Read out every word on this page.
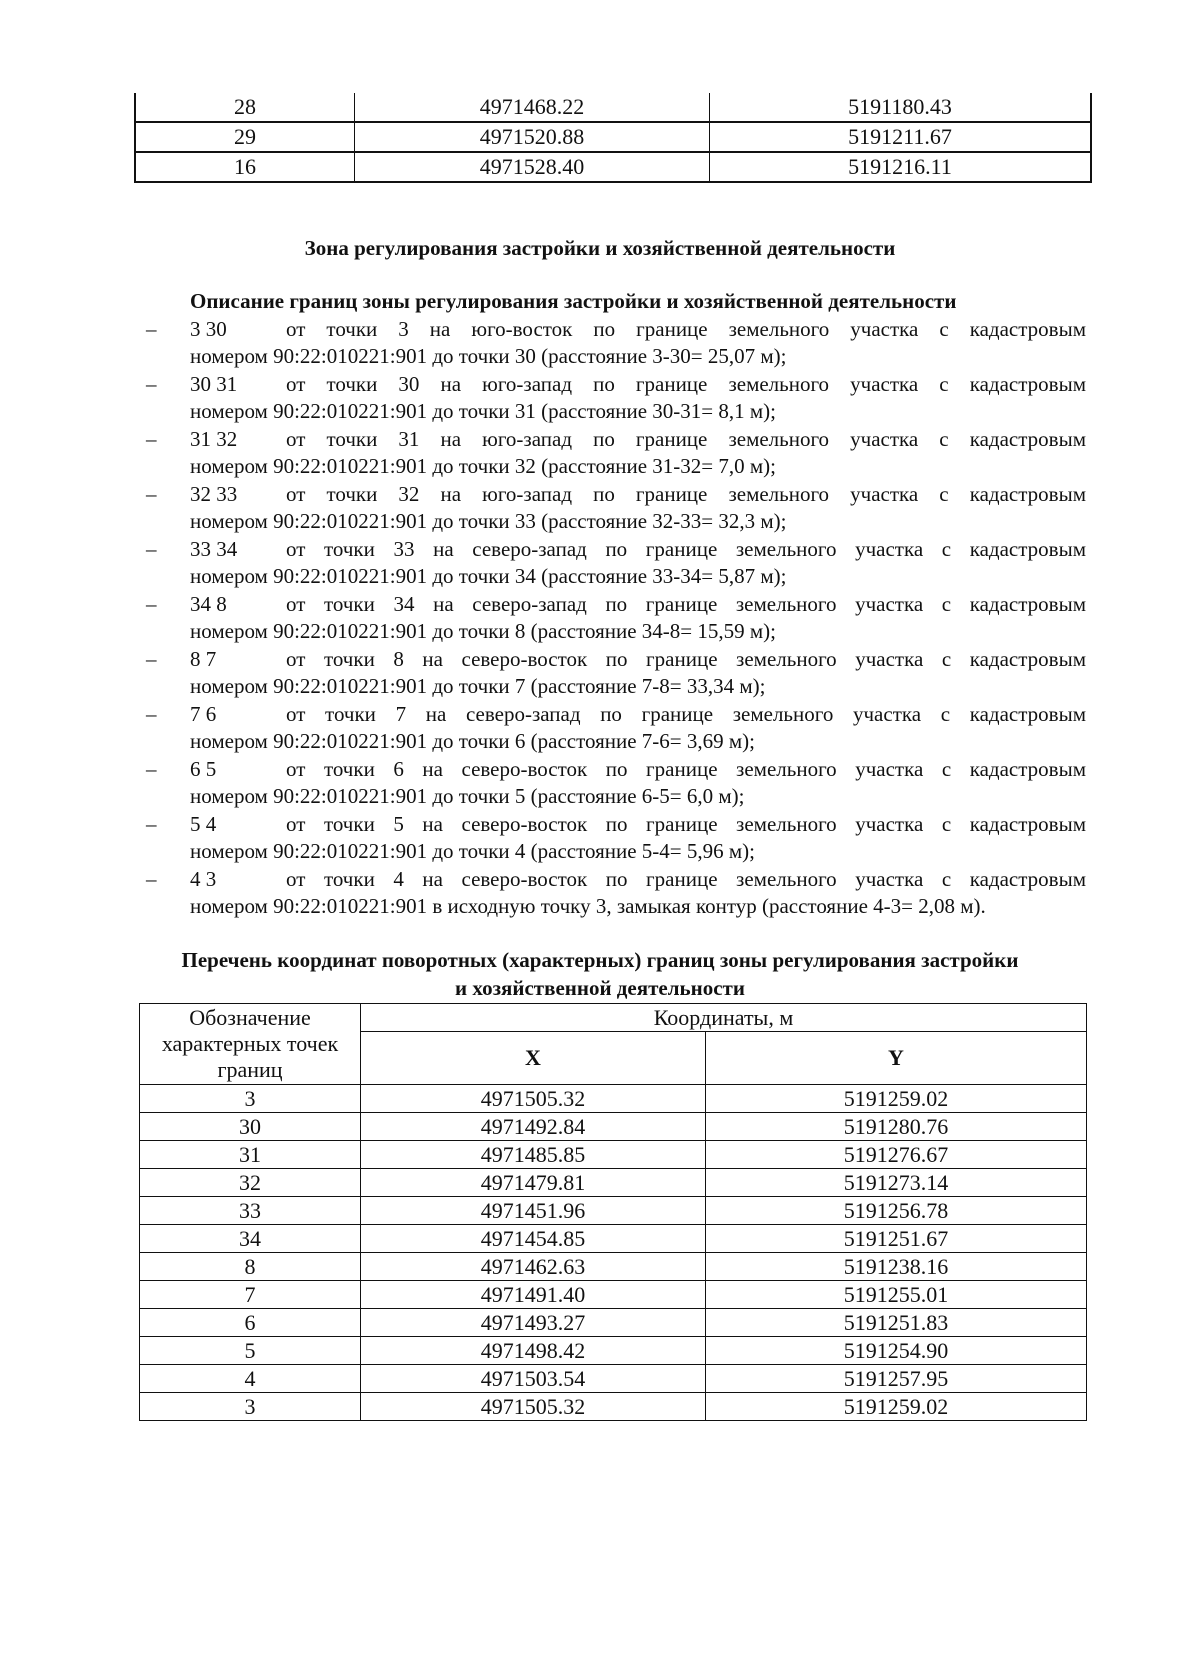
28	4971468.22	5191180.43
29	4971520.88	5191211.67
16	4971528.40	5191216.11
Зона регулирования застройки и хозяйственной деятельности
Описание границ зоны регулирования застройки и хозяйственной деятельности
– 3 30	от точки 3 на юго-восток по границе земельного участка с кадастровым
номером 90:22:010221:901 до точки 30 (расстояние 3-30= 25,07 м);
– 30 31	от точки 30 на юго-запад по границе земельного участка с кадастровым
номером 90:22:010221:901 до точки 31 (расстояние 30-31= 8,1 м);
– 31 32	от точки 31 на юго-запад по границе земельного участка с кадастровым
номером 90:22:010221:901 до точки 32 (расстояние 31-32= 7,0 м);
– 32 33	от точки 32 на юго-запад по границе земельного участка с кадастровым
номером 90:22:010221:901 до точки 33 (расстояние 32-33= 32,3 м);
– 33 34	от точки 33 на северо-запад по границе земельного участка с кадастровым
номером 90:22:010221:901 до точки 34 (расстояние 33-34= 5,87 м);
– 34 8	от точки 34 на северо-запад по границе земельного участка с кадастровым
номером 90:22:010221:901 до точки 8 (расстояние 34-8= 15,59 м);
– 8 7	от точки 8 на северо-восток по границе земельного участка с кадастровым
номером 90:22:010221:901 до точки 7 (расстояние 7-8= 33,34 м);
– 7 6	от точки 7 на северо-запад по границе земельного участка с кадастровым
номером 90:22:010221:901 до точки 6 (расстояние 7-6= 3,69 м);
– 6 5	от точки 6 на северо-восток по границе земельного участка с кадастровым
номером 90:22:010221:901 до точки 5 (расстояние 6-5= 6,0 м);
– 5 4	от точки 5 на северо-восток по границе земельного участка с кадастровым
номером 90:22:010221:901 до точки 4 (расстояние 5-4= 5,96 м);
– 4 3	от точки 4 на северо-восток по границе земельного участка с кадастровым
номером 90:22:010221:901 в исходную точку 3, замыкая контур (расстояние 4-3= 2,08 м).
Перечень координат поворотных (характерных) границ зоны регулирования застройки
и хозяйственной деятельности
Обозначение характерных точек границ	Координаты, м	
	X	Y
3	4971505.32	5191259.02
30	4971492.84	5191280.76
31	4971485.85	5191276.67
32	4971479.81	5191273.14
33	4971451.96	5191256.78
34	4971454.85	5191251.67
8	4971462.63	5191238.16
7	4971491.40	5191255.01
6	4971493.27	5191251.83
5	4971498.42	5191254.90
4	4971503.54	5191257.95
3	4971505.32	5191259.02
